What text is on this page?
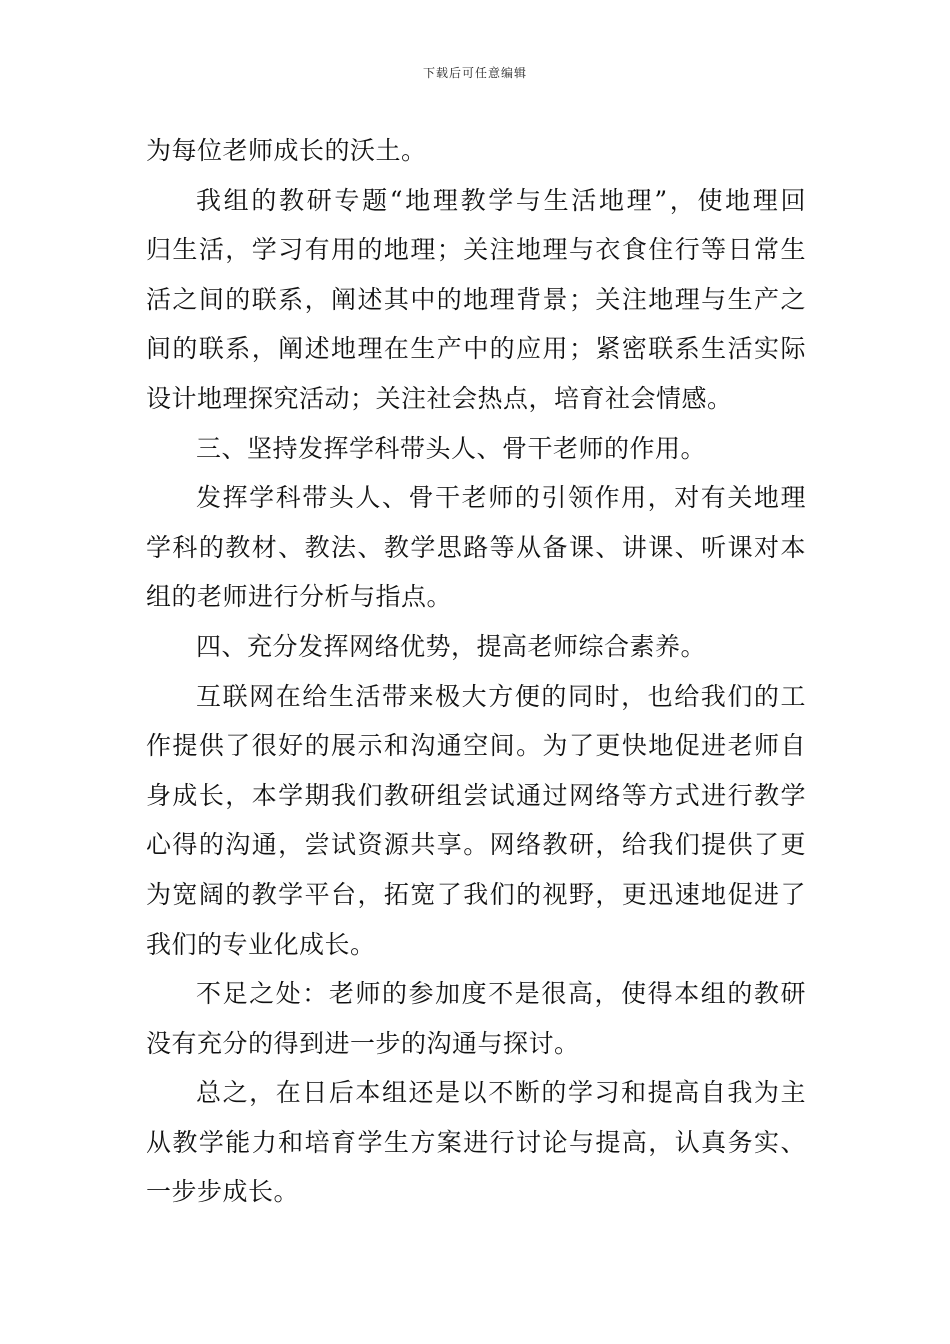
下载后可任意编辑
为每位老师成长的沃土。
我组的教研专题“地理教学与生活地理”，使地理回
归生活，学习有用的地理；关注地理与衣食住行等日常生
活之间的联系，阐述其中的地理背景；关注地理与生产之
间的联系，阐述地理在生产中的应用；紧密联系生活实际
设计地理探究活动；关注社会热点，培育社会情感。
三、坚持发挥学科带头人、骨干老师的作用。
发挥学科带头人、骨干老师的引领作用，对有关地理
学科的教材、教法、教学思路等从备课、讲课、听课对本
组的老师进行分析与指点。
四、充分发挥网络优势，提高老师综合素养。
互联网在给生活带来极大方便的同时，也给我们的工
作提供了很好的展示和沟通空间。为了更快地促进老师自
身成长，本学期我们教研组尝试通过网络等方式进行教学
心得的沟通，尝试资源共享。网络教研，给我们提供了更
为宽阔的教学平台，拓宽了我们的视野，更迅速地促进了
我们的专业化成长。
不足之处：老师的参加度不是很高，使得本组的教研
没有充分的得到进一步的沟通与探讨。
总之，在日后本组还是以不断的学习和提高自我为主
从教学能力和培育学生方案进行讨论与提高，认真务实、
一步步成长。
